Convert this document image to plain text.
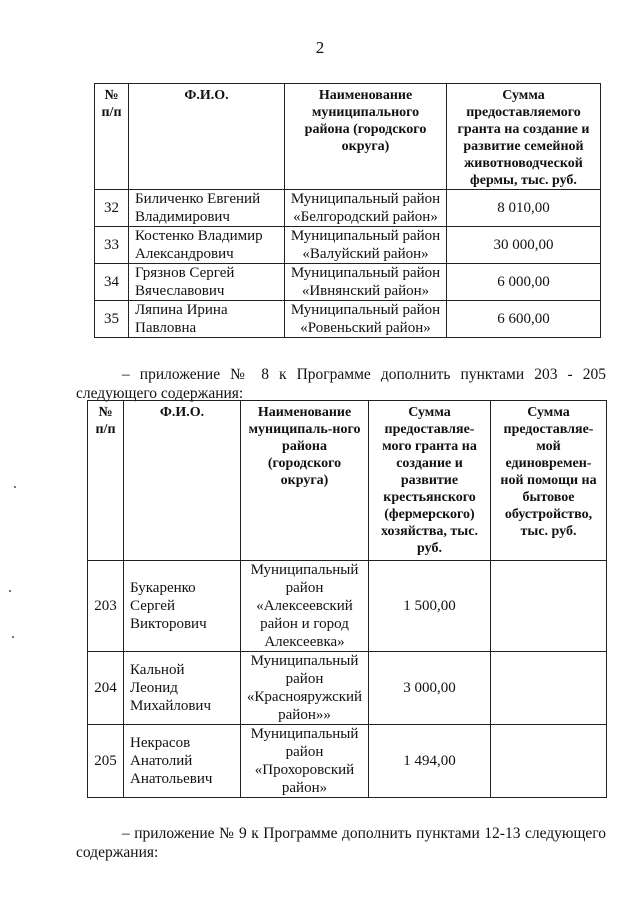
2
№ п/п	Ф.И.О.	Наименование муниципального района (городского округа)	Сумма предоставляемого гранта на создание и развитие семейной животноводческой фермы, тыс. руб.
32	Биличенко Евгений Владимирович	Муниципальный район «Белгородский район»	8 010,00
33	Костенко Владимир Александрович	Муниципальный район «Валуйский район»	30 000,00
34	Грязнов Сергей Вячеславович	Муниципальный район «Ивнянский район»	6 000,00
35	Ляпина Ирина Павловна	Муниципальный район «Ровеньский район»	6 600,00

– приложение № 8 к Программе дополнить пунктами 203 - 205 следующего содержания:

№ п/п	Ф.И.О.	Наименование муниципаль-ного района (городского округа)	Сумма предоставляе-мого гранта на создание и развитие крестьянского (фермерского) хозяйства, тыс. руб.	Сумма предоставляе-мой единовремен-ной помощи на бытовое обустройство, тыс. руб.
203	Букаренко Сергей Викторович	Муниципальный район «Алексеевский район и город Алексеевка»	1 500,00	
204	Кальной Леонид Михайлович	Муниципальный район «Краснояружский район»»	3 000,00	
205	Некрасов Анатолий Анатольевич	Муниципальный район «Прохоровский район»	1 494,00	

– приложение № 9 к Программе дополнить пунктами 12-13 следующего содержания:
